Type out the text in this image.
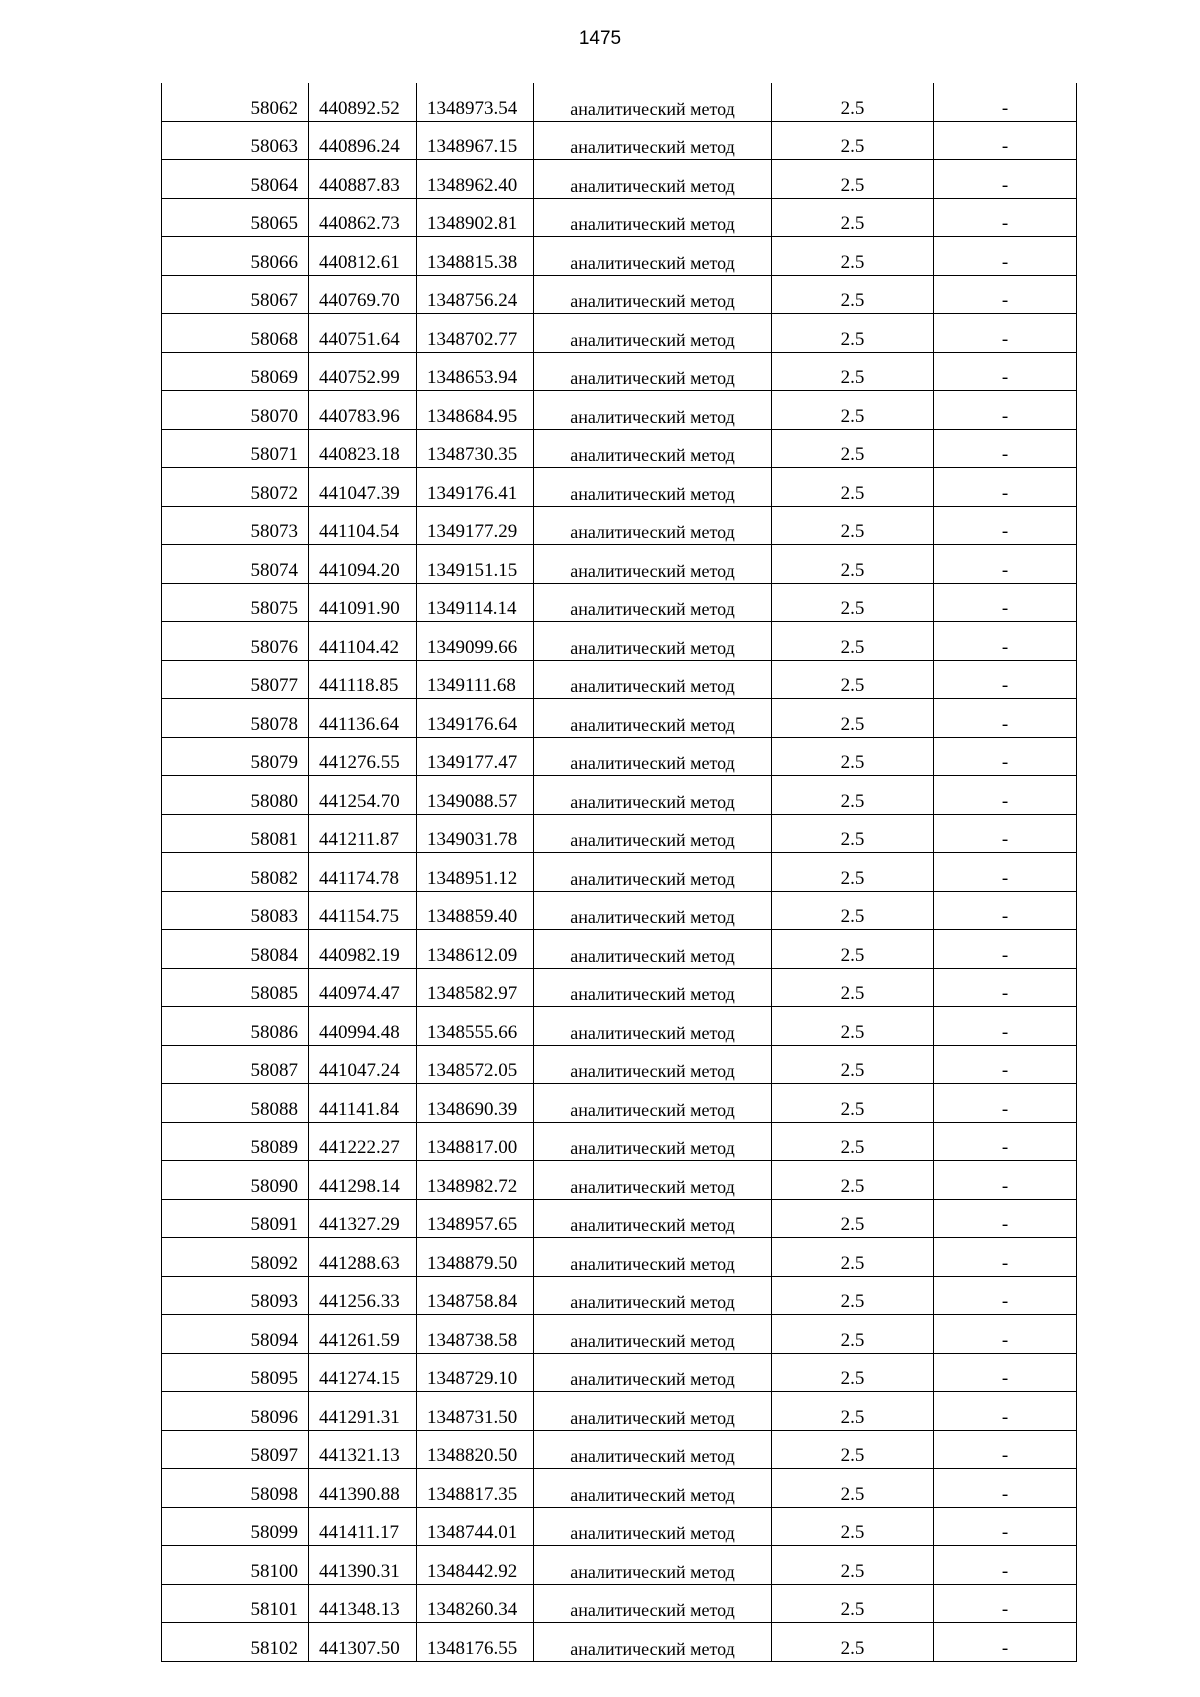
1475
58062	440892.52	1348973.54	аналитический метод	2.5	-
58063	440896.24	1348967.15	аналитический метод	2.5	-
58064	440887.83	1348962.40	аналитический метод	2.5	-
58065	440862.73	1348902.81	аналитический метод	2.5	-
58066	440812.61	1348815.38	аналитический метод	2.5	-
58067	440769.70	1348756.24	аналитический метод	2.5	-
58068	440751.64	1348702.77	аналитический метод	2.5	-
58069	440752.99	1348653.94	аналитический метод	2.5	-
58070	440783.96	1348684.95	аналитический метод	2.5	-
58071	440823.18	1348730.35	аналитический метод	2.5	-
58072	441047.39	1349176.41	аналитический метод	2.5	-
58073	441104.54	1349177.29	аналитический метод	2.5	-
58074	441094.20	1349151.15	аналитический метод	2.5	-
58075	441091.90	1349114.14	аналитический метод	2.5	-
58076	441104.42	1349099.66	аналитический метод	2.5	-
58077	441118.85	1349111.68	аналитический метод	2.5	-
58078	441136.64	1349176.64	аналитический метод	2.5	-
58079	441276.55	1349177.47	аналитический метод	2.5	-
58080	441254.70	1349088.57	аналитический метод	2.5	-
58081	441211.87	1349031.78	аналитический метод	2.5	-
58082	441174.78	1348951.12	аналитический метод	2.5	-
58083	441154.75	1348859.40	аналитический метод	2.5	-
58084	440982.19	1348612.09	аналитический метод	2.5	-
58085	440974.47	1348582.97	аналитический метод	2.5	-
58086	440994.48	1348555.66	аналитический метод	2.5	-
58087	441047.24	1348572.05	аналитический метод	2.5	-
58088	441141.84	1348690.39	аналитический метод	2.5	-
58089	441222.27	1348817.00	аналитический метод	2.5	-
58090	441298.14	1348982.72	аналитический метод	2.5	-
58091	441327.29	1348957.65	аналитический метод	2.5	-
58092	441288.63	1348879.50	аналитический метод	2.5	-
58093	441256.33	1348758.84	аналитический метод	2.5	-
58094	441261.59	1348738.58	аналитический метод	2.5	-
58095	441274.15	1348729.10	аналитический метод	2.5	-
58096	441291.31	1348731.50	аналитический метод	2.5	-
58097	441321.13	1348820.50	аналитический метод	2.5	-
58098	441390.88	1348817.35	аналитический метод	2.5	-
58099	441411.17	1348744.01	аналитический метод	2.5	-
58100	441390.31	1348442.92	аналитический метод	2.5	-
58101	441348.13	1348260.34	аналитический метод	2.5	-
58102	441307.50	1348176.55	аналитический метод	2.5	-
